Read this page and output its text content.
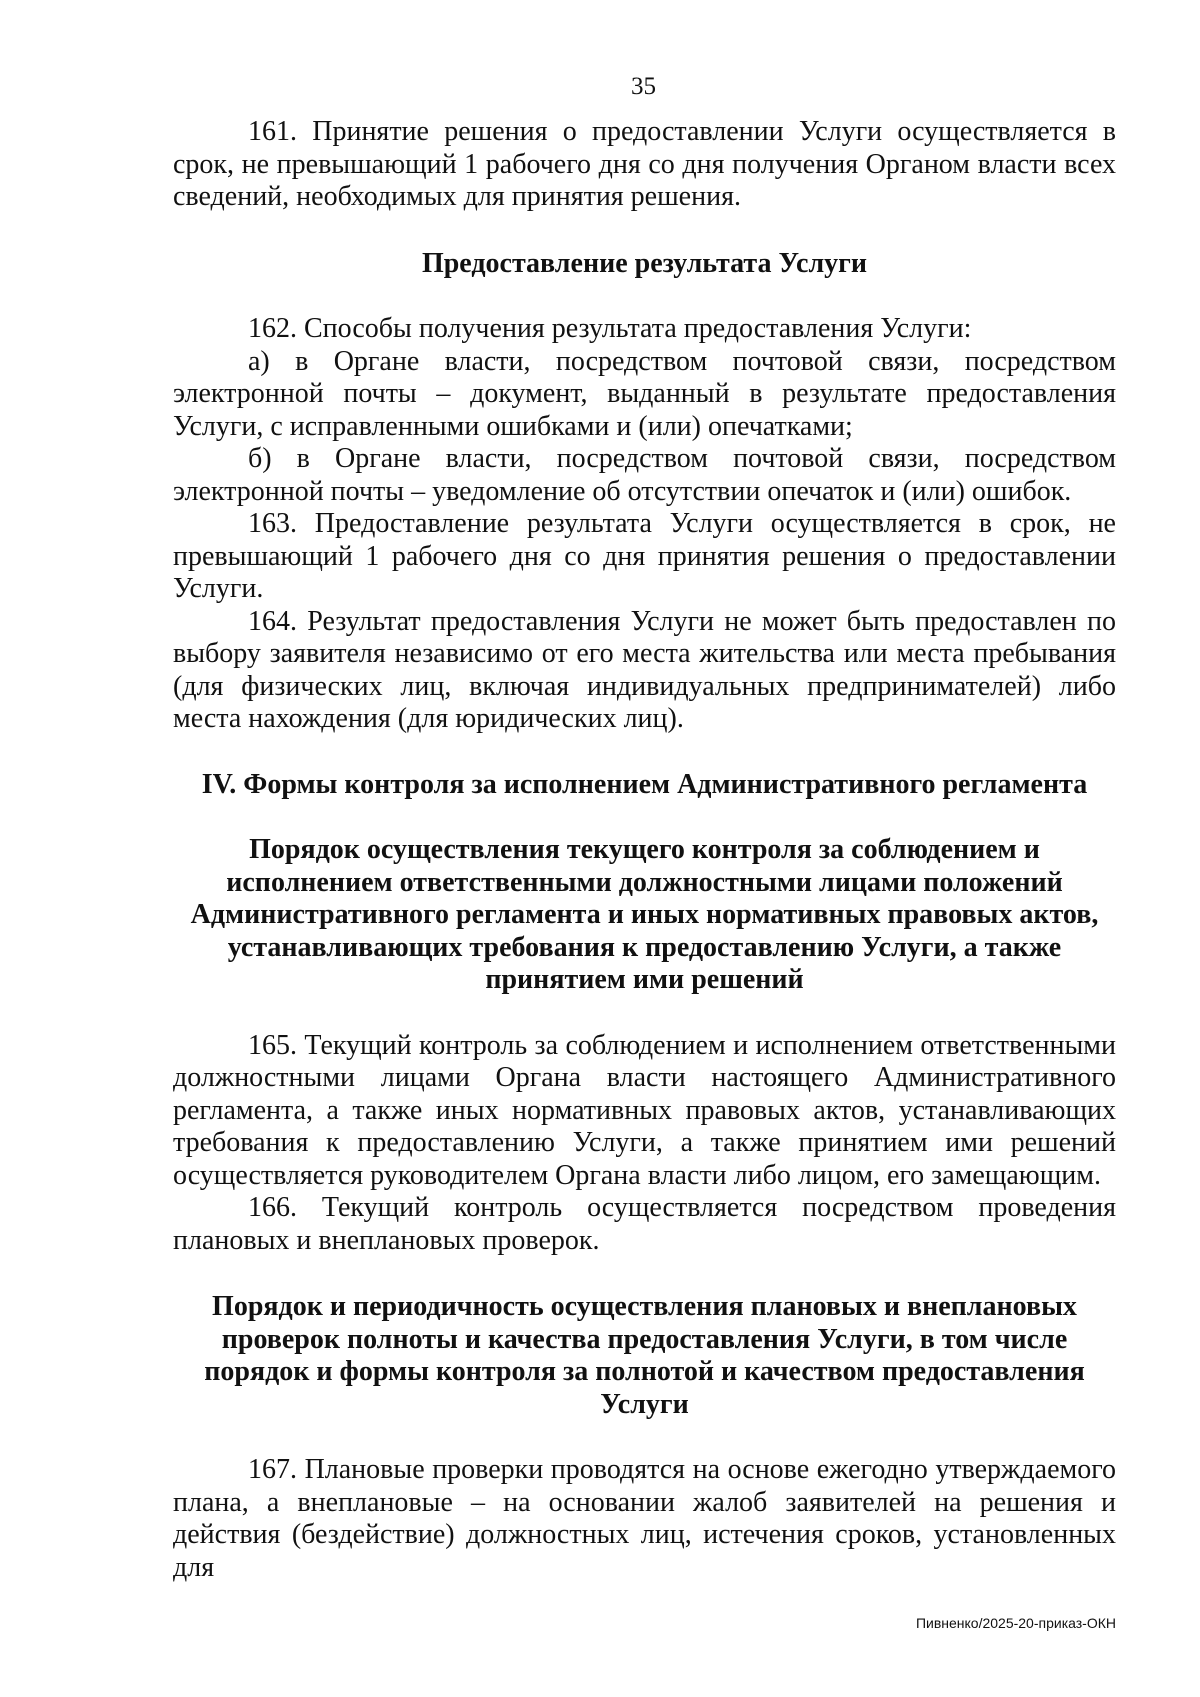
35

161. Принятие решения о предоставлении Услуги осуществляется в срок, не превышающий 1 рабочего дня со дня получения Органом власти всех сведений, необходимых для принятия решения.

Предоставление результата Услуги

162. Способы получения результата предоставления Услуги:

а) в Органе власти, посредством почтовой связи, посредством электронной почты – документ, выданный в результате предоставления Услуги, с исправленными ошибками и (или) опечатками;

б) в Органе власти, посредством почтовой связи, посредством электронной почты – уведомление об отсутствии опечаток и (или) ошибок.

163. Предоставление результата Услуги осуществляется в срок, не превышающий 1 рабочего дня со дня принятия решения о предоставлении Услуги.

164. Результат предоставления Услуги не может быть предоставлен по выбору заявителя независимо от его места жительства или места пребывания (для физических лиц, включая индивидуальных предпринимателей) либо места нахождения (для юридических лиц).

IV. Формы контроля за исполнением Административного регламента

Порядок осуществления текущего контроля за соблюдением и исполнением ответственными должностными лицами положений Административного регламента и иных нормативных правовых актов, устанавливающих требования к предоставлению Услуги, а также принятием ими решений

165. Текущий контроль за соблюдением и исполнением ответственными должностными лицами Органа власти настоящего Административного регламента, а также иных нормативных правовых актов, устанавливающих требования к предоставлению Услуги, а также принятием ими решений осуществляется руководителем Органа власти либо лицом, его замещающим.

166. Текущий контроль осуществляется посредством проведения плановых и внеплановых проверок.

Порядок и периодичность осуществления плановых и внеплановых проверок полноты и качества предоставления Услуги, в том числе порядок и формы контроля за полнотой и качеством предоставления Услуги

167. Плановые проверки проводятся на основе ежегодно утверждаемого плана, а внеплановые – на основании жалоб заявителей на решения и действия (бездействие) должностных лиц, истечения сроков, установленных для

Пивненко/2025-20-приказ-ОКН
